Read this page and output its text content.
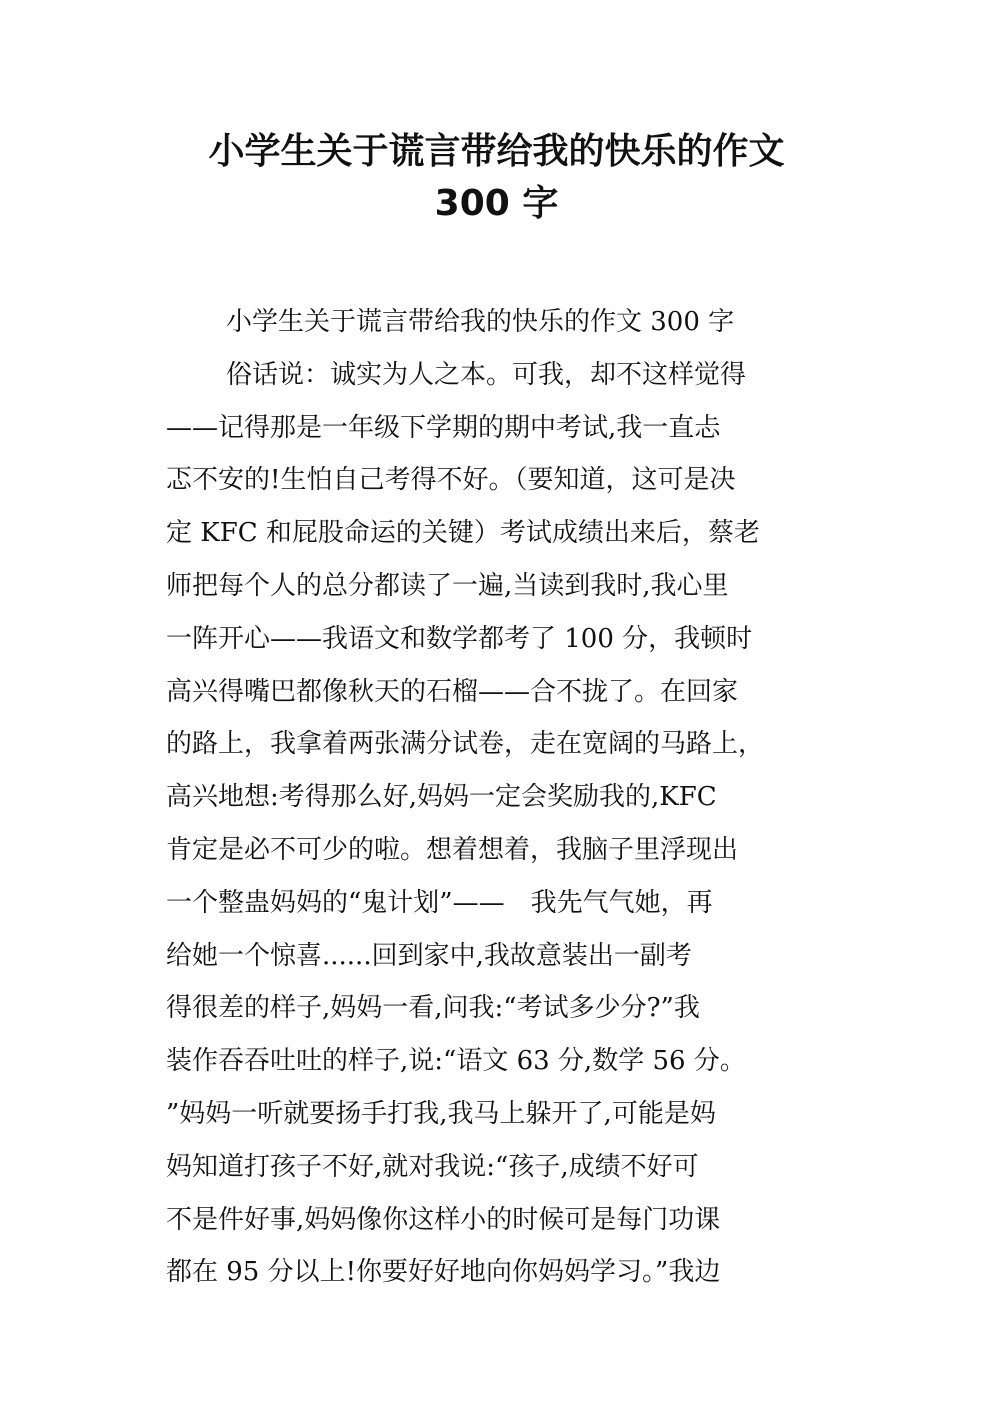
小学生关于谎言带给我的快乐的作文
300 字
小学生关于谎言带给我的快乐的作文 300 字
俗话说：诚实为人之本。可我，却不这样觉得
——记得那是一年级下学期的期中考试,我一直忐
忑不安的!生怕自己考得不好。（要知道，这可是决
定 KFC 和屁股命运的关键）考试成绩出来后，蔡老
师把每个人的总分都读了一遍,当读到我时,我心里
一阵开心——我语文和数学都考了 100 分，我顿时
高兴得嘴巴都像秋天的石榴——合不拢了。在回家
的路上，我拿着两张满分试卷，走在宽阔的马路上，
高兴地想:考得那么好,妈妈一定会奖励我的,KFC
肯定是必不可少的啦。想着想着，我脑子里浮现出
一个整蛊妈妈的“鬼计划”——　我先气气她，再
给她一个惊喜......回到家中,我故意装出一副考
得很差的样子,妈妈一看,问我:“考试多少分?”我
装作吞吞吐吐的样子,说:“语文 63 分,数学 56 分。
”妈妈一听就要扬手打我,我马上躲开了,可能是妈
妈知道打孩子不好,就对我说:“孩子,成绩不好可
不是件好事,妈妈像你这样小的时候可是每门功课
都在 95 分以上!你要好好地向你妈妈学习。”我边
